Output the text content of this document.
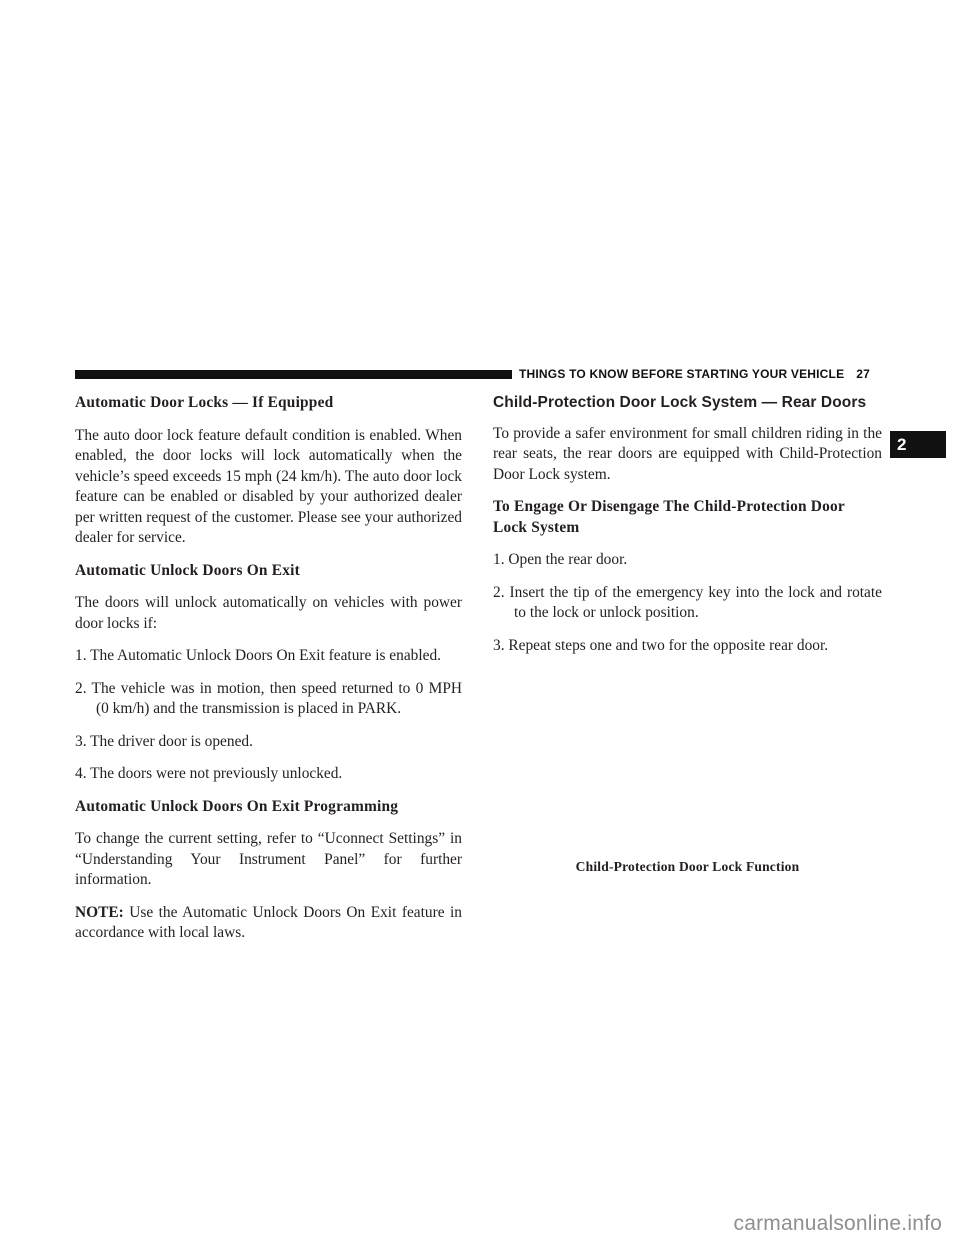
THINGS TO KNOW BEFORE STARTING YOUR VEHICLE 27
2
Automatic Door Locks — If Equipped

The auto door lock feature default condition is enabled. When enabled, the door locks will lock automatically when the vehicle’s speed exceeds 15 mph (24 km/h). The auto door lock feature can be enabled or disabled by your authorized dealer per written request of the customer. Please see your authorized dealer for service.

Automatic Unlock Doors On Exit

The doors will unlock automatically on vehicles with power door locks if:

1. The Automatic Unlock Doors On Exit feature is enabled.
2. The vehicle was in motion, then speed returned to 0 MPH (0 km/h) and the transmission is placed in PARK.
3. The driver door is opened.
4. The doors were not previously unlocked.
Automatic Unlock Doors On Exit Programming

To change the current setting, refer to “Uconnect Settings” in “Understanding Your Instrument Panel” for further information.

NOTE: Use the Automatic Unlock Doors On Exit feature in accordance with local laws.

Child-Protection Door Lock System — Rear Doors

To provide a safer environment for small children riding in the rear seats, the rear doors are equipped with Child-Protection Door Lock system.

To Engage Or Disengage The Child-Protection Door Lock System
1. Open the rear door.
2. Insert the tip of the emergency key into the lock and rotate to the lock or unlock position.
3. Repeat steps one and two for the opposite rear door.
Child-Protection Door Lock Function
carmanualsonline.info
